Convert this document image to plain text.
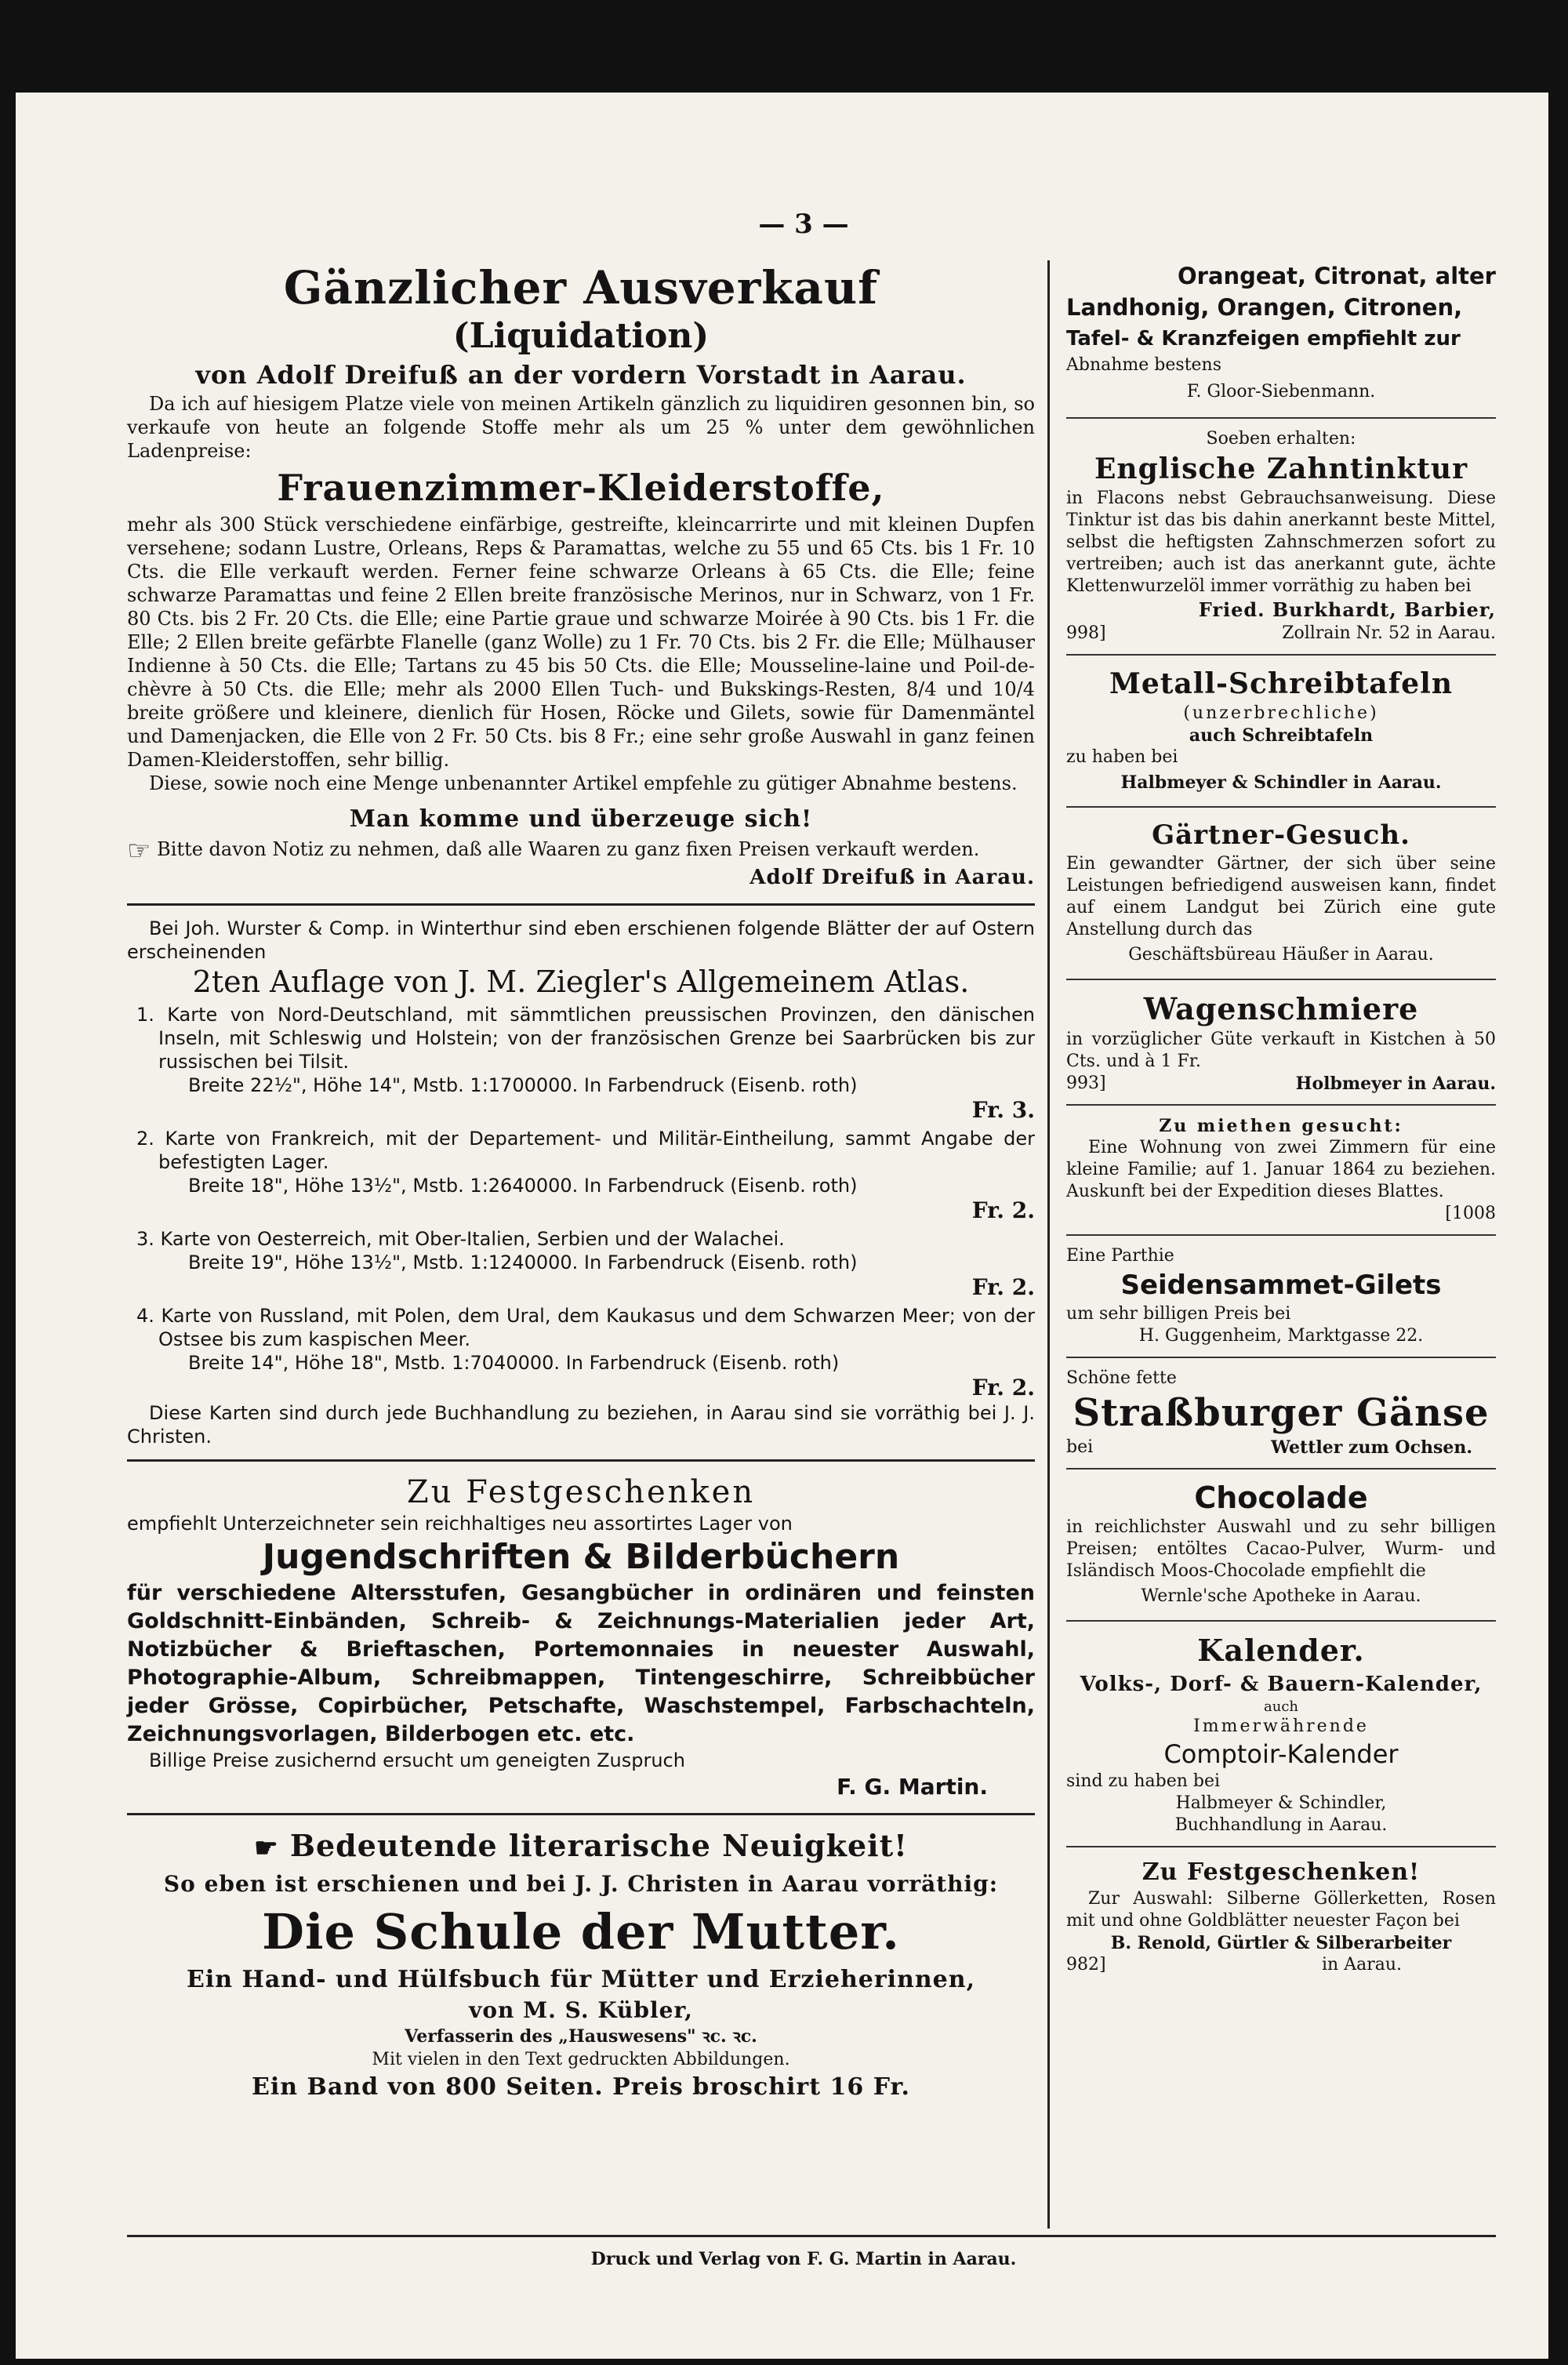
— 3 —
Gänzlicher Ausverkauf
(Liquidation)
von Adolf Dreifuß an der vordern Vorstadt in Aarau.

Da ich auf hiesigem Platze viele von meinen Artikeln gänzlich zu liquidiren gesonnen bin, so verkaufe von heute an folgende Stoffe mehr als um 25 % unter dem gewöhnlichen Ladenpreise:

Frauenzimmer-Kleiderstoffe,

mehr als 300 Stück verschiedene einfärbige, gestreifte, kleincarrirte und mit kleinen Dupfen versehene; sodann Lustre, Orleans, Reps & Paramattas, welche zu 55 und 65 Cts. bis 1 Fr. 10 Cts. die Elle verkauft werden. Ferner feine schwarze Orleans à 65 Cts. die Elle; feine schwarze Paramattas und feine 2 Ellen breite französische Merinos, nur in Schwarz, von 1 Fr. 80 Cts. bis 2 Fr. 20 Cts. die Elle; eine Partie graue und schwarze Moirée à 90 Cts. bis 1 Fr. die Elle; 2 Ellen breite gefärbte Flanelle (ganz Wolle) zu 1 Fr. 70 Cts. bis 2 Fr. die Elle; Mülhauser Indienne à 50 Cts. die Elle; Tartans zu 45 bis 50 Cts. die Elle; Mousseline-laine und Poil-de-chèvre à 50 Cts. die Elle; mehr als 2000 Ellen Tuch- und Bukskings-Resten, 8/4 und 10/4 breite größere und kleinere, dienlich für Hosen, Röcke und Gilets, sowie für Damenmäntel und Damenjacken, die Elle von 2 Fr. 50 Cts. bis 8 Fr.; eine sehr große Auswahl in ganz feinen Damen-Kleiderstoffen, sehr billig.

Diese, sowie noch eine Menge unbenannter Artikel empfehle zu gütiger Abnahme bestens.

Man komme und überzeuge sich!

☞ Bitte davon Notiz zu nehmen, daß alle Waaren zu ganz fixen Preisen verkauft werden.

Adolf Dreifuß in Aarau.

Bei Joh. Wurster & Comp. in Winterthur sind eben erschienen folgende Blätter der auf Ostern erscheinenden

2ten Auflage von J. M. Ziegler's Allgemeinem Atlas.

1. Karte von Nord-Deutschland, mit sämmtlichen preussischen Provinzen, den dänischen Inseln, mit Schleswig und Holstein; von der französischen Grenze bei Saarbrücken bis zur russischen bei Tilsit.

Breite 22½", Höhe 14", Mstb. 1:1700000. In Farbendruck (Eisenb. roth)

Fr. 3.

2. Karte von Frankreich, mit der Departement- und Militär-Eintheilung, sammt Angabe der befestigten Lager.

Breite 18", Höhe 13½", Mstb. 1:2640000. In Farbendruck (Eisenb. roth)

Fr. 2.

3. Karte von Oesterreich, mit Ober-Italien, Serbien und der Walachei.

Breite 19", Höhe 13½", Mstb. 1:1240000. In Farbendruck (Eisenb. roth)

Fr. 2.

4. Karte von Russland, mit Polen, dem Ural, dem Kaukasus und dem Schwarzen Meer; von der Ostsee bis zum kaspischen Meer.

Breite 14", Höhe 18", Mstb. 1:7040000. In Farbendruck (Eisenb. roth)

Fr. 2.

Diese Karten sind durch jede Buchhandlung zu beziehen, in Aarau sind sie vorräthig bei J. J. Christen.

Zu Festgeschenken

empfiehlt Unterzeichneter sein reichhaltiges neu assortirtes Lager von

Jugendschriften & Bilderbüchern

für verschiedene Altersstufen, Gesangbücher in ordinären und feinsten Goldschnitt-Einbänden, Schreib- & Zeichnungs-Materialien jeder Art, Notizbücher & Brieftaschen, Portemonnaies in neuester Auswahl, Photographie-Album, Schreibmappen, Tintengeschirre, Schreibbücher jeder Grösse, Copirbücher, Petschafte, Waschstempel, Farbschachteln, Zeichnungsvorlagen, Bilderbogen etc. etc.

Billige Preise zusichernd ersucht um geneigten Zuspruch

F. G. Martin.
☛ Bedeutende literarische Neuigkeit!
So eben ist erschienen und bei J. J. Christen in Aarau vorräthig:
Die Schule der Mutter.
Ein Hand- und Hülfsbuch für Mütter und Erzieherinnen,
von M. S. Kübler,
Verfasserin des „Hauswesens" ꝛc. ꝛc.
Mit vielen in den Text gedruckten Abbildungen.
Ein Band von 800 Seiten. Preis broschirt 16 Fr.
Orangeat, Citronat, alter
Landhonig, Orangen, Citronen,
Tafel- & Kranzfeigen empfiehlt zur
Abnahme bestens
F. Gloor-Siebenmann.
Soeben erhalten:
Englische Zahntinktur

in Flacons nebst Gebrauchsanweisung. Diese Tinktur ist das bis dahin anerkannt beste Mittel, selbst die heftigsten Zahnschmerzen sofort zu vertreiben; auch ist das anerkannt gute, ächte Klettenwurzelöl immer vorräthig zu haben bei

Fried. Burkhardt, Barbier,
998]	Zollrain Nr. 52 in Aarau.
Metall-Schreibtafeln
(unzerbrechliche)
auch Schreibtafeln
zu haben bei
Halbmeyer & Schindler in Aarau.
Gärtner-Gesuch.

Ein gewandter Gärtner, der sich über seine Leistungen befriedigend ausweisen kann, findet auf einem Landgut bei Zürich eine gute Anstellung durch das

Geschäftsbüreau Häußer in Aarau.
Wagenschmiere

in vorzüglicher Güte verkauft in Kistchen à 50 Cts. und à 1 Fr.

993]	Holbmeyer in Aarau.
Zu miethen gesucht:

Eine Wohnung von zwei Zimmern für eine kleine Familie; auf 1. Januar 1864 zu beziehen. Auskunft bei der Expedition dieses Blattes.

[1008
Eine Parthie
Seidensammet-Gilets
um sehr billigen Preis bei
H. Guggenheim, Marktgasse 22.
Schöne fette
Straßburger Gänse
bei	Wettler zum Ochsen.
Chocolade

in reichlichster Auswahl und zu sehr billigen Preisen; entöltes Cacao-Pulver, Wurm- und Isländisch Moos-Chocolade empfiehlt die

Wernle'sche Apotheke in Aarau.
Kalender.
Volks-, Dorf- & Bauern-Kalender,
auch
Immerwährende
Comptoir-Kalender
sind zu haben bei
Halbmeyer & Schindler,
Buchhandlung in Aarau.
Zu Festgeschenken!

Zur Auswahl: Silberne Göllerketten, Rosen mit und ohne Goldblätter neuester Façon bei

B. Renold, Gürtler & Silberarbeiter
982]	in Aarau.
Druck und Verlag von F. G. Martin in Aarau.
